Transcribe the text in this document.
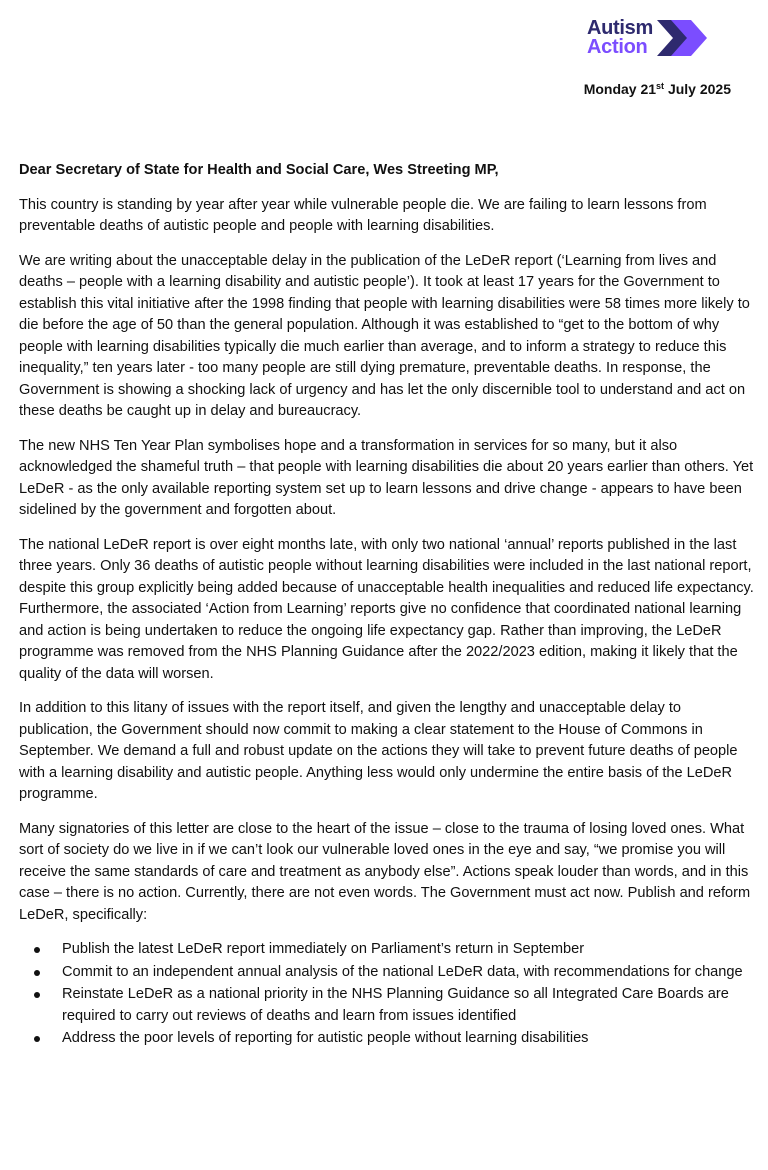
Autism
Action
Monday 21st July 2025

Dear Secretary of State for Health and Social Care, Wes Streeting MP,

This country is standing by year after year while vulnerable people die. We are failing to learn lessons from preventable deaths of autistic people and people with learning disabilities.

We are writing about the unacceptable delay in the publication of the LeDeR report (‘Learning from lives and deaths – people with a learning disability and autistic people’). It took at least 17 years for the Government to establish this vital initiative after the 1998 finding that people with learning disabilities were 58 times more likely to die before the age of 50 than the general population. Although it was established to “get to the bottom of why people with learning disabilities typically die much earlier than average, and to inform a strategy to reduce this inequality,” ten years later - too many people are still dying premature, preventable deaths. In response, the Government is showing a shocking lack of urgency and has let the only discernible tool to understand and act on these deaths be caught up in delay and bureaucracy.

The new NHS Ten Year Plan symbolises hope and a transformation in services for so many, but it also acknowledged the shameful truth – that people with learning disabilities die about 20 years earlier than others. Yet LeDeR - as the only available reporting system set up to learn lessons and drive change - appears to have been sidelined by the government and forgotten about.

The national LeDeR report is over eight months late, with only two national ‘annual’ reports published in the last three years. Only 36 deaths of autistic people without learning disabilities were included in the last national report, despite this group explicitly being added because of unacceptable health inequalities and reduced life expectancy. Furthermore, the associated ‘Action from Learning’ reports give no confidence that coordinated national learning and action is being undertaken to reduce the ongoing life expectancy gap. Rather than improving, the LeDeR programme was removed from the NHS Planning Guidance after the 2022/2023 edition, making it likely that the quality of the data will worsen.

In addition to this litany of issues with the report itself, and given the lengthy and unacceptable delay to publication, the Government should now commit to making a clear statement to the House of Commons in September. We demand a full and robust update on the actions they will take to prevent future deaths of people with a learning disability and autistic people. Anything less would only undermine the entire basis of the LeDeR programme.

Many signatories of this letter are close to the heart of the issue – close to the trauma of losing loved ones. What sort of society do we live in if we can’t look our vulnerable loved ones in the eye and say, “we promise you will receive the same standards of care and treatment as anybody else”. Actions speak louder than words, and in this case – there is no action. Currently, there are not even words. The Government must act now. Publish and reform LeDeR, specifically:

Publish the latest LeDeR report immediately on Parliament’s return in September
Commit to an independent annual analysis of the national LeDeR data, with recommendations for change
Reinstate LeDeR as a national priority in the NHS Planning Guidance so all Integrated Care Boards are required to carry out reviews of deaths and learn from issues identified
Address the poor levels of reporting for autistic people without learning disabilities
